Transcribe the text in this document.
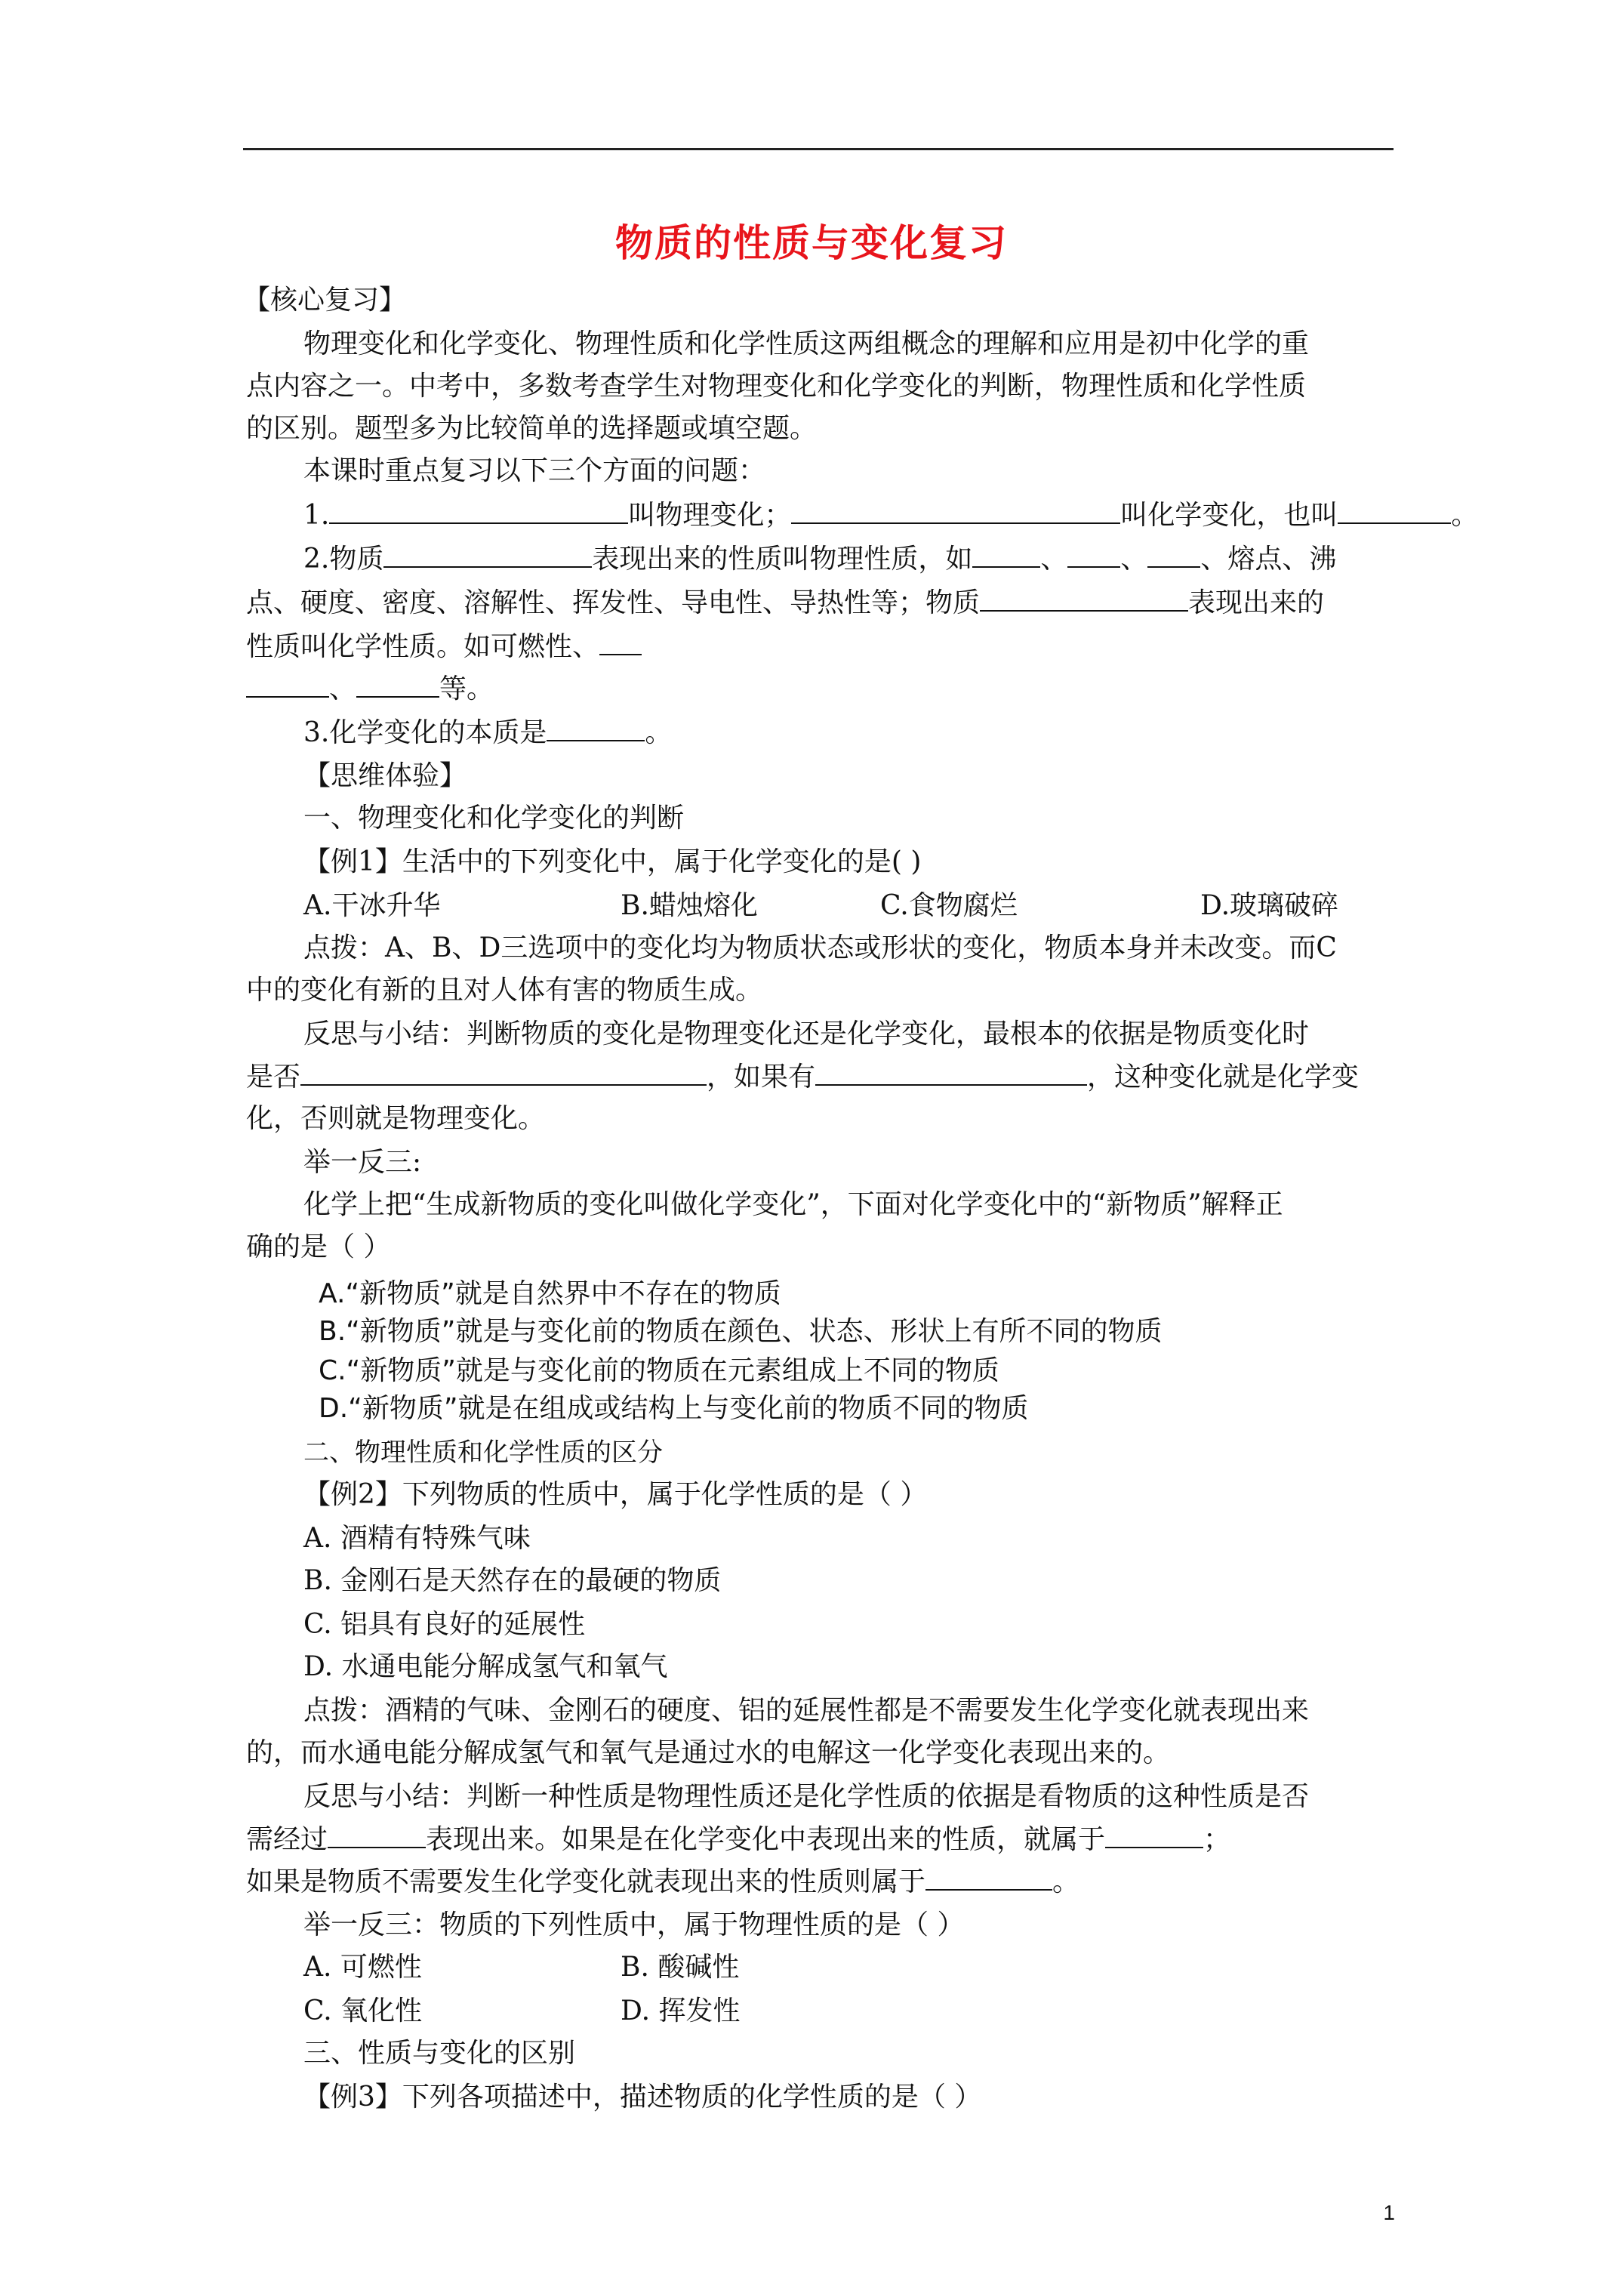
物质的性质与变化复习
【核心复习】
物理变化和化学变化、物理性质和化学性质这两组概念的理解和应用是初中化学的重
点内容之一。中考中，多数考查学生对物理变化和化学变化的判断，物理性质和化学性质
的区别。题型多为比较简单的选择题或填空题。
本课时重点复习以下三个方面的问题：
1.	叫物理变化；	叫化学变化，也叫	。
2.物质	表现出来的性质叫物理性质，如	、 、 、熔点、沸
点、硬度、密度、溶解性、挥发性、导电性、导热性等；物质	表现出来的
性质叫化学性质。如可燃性、
、	等。
3.化学变化的本质是	。
【思维体验】
一、物理变化和化学变化的判断
【例1】生活中的下列变化中，属于化学变化的是( )
A.干冰升华	B.蜡烛熔化	C.食物腐烂	D.玻璃破碎
点拨：A、B、D三选项中的变化均为物质状态或形状的变化，物质本身并未改变。而C
中的变化有新的且对人体有害的物质生成。
反思与小结：判断物质的变化是物理变化还是化学变化，最根本的依据是物质变化时
是否	，如果有	，这种变化就是化学变
化，否则就是物理变化。
举一反三:
化学上把“生成新物质的变化叫做化学变化”，下面对化学变化中的“新物质”解释正
确的是（ ）
A.“新物质”就是自然界中不存在的物质
B.“新物质”就是与变化前的物质在颜色、状态、形状上有所不同的物质
C.“新物质”就是与变化前的物质在元素组成上不同的物质
D.“新物质”就是在组成或结构上与变化前的物质不同的物质
二、物理性质和化学性质的区分
【例2】下列物质的性质中，属于化学性质的是（ ）
A. 酒精有特殊气味
B. 金刚石是天然存在的最硬的物质
C. 铝具有良好的延展性
D. 水通电能分解成氢气和氧气
点拨：酒精的气味、金刚石的硬度、铝的延展性都是不需要发生化学变化就表现出来
的，而水通电能分解成氢气和氧气是通过水的电解这一化学变化表现出来的。
反思与小结：判断一种性质是物理性质还是化学性质的依据是看物质的这种性质是否
需经过	表现出来。如果是在化学变化中表现出来的性质，就属于	；
如果是物质不需要发生化学变化就表现出来的性质则属于	。
举一反三：物质的下列性质中，属于物理性质的是（ ）
A. 可燃性	B. 酸碱性
C. 氧化性	D. 挥发性
三、性质与变化的区别
【例3】下列各项描述中，描述物质的化学性质的是（ ）
1
